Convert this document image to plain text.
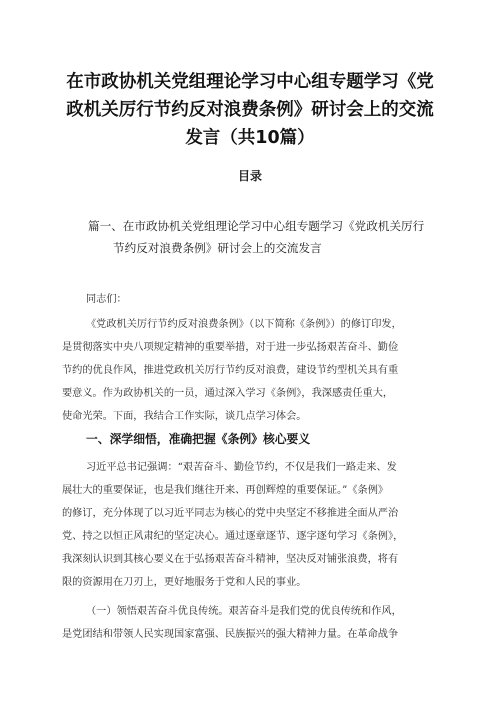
在市政协机关党组理论学习中心组专题学习《党
政机关厉行节约反对浪费条例》研讨会上的交流
发言（共10篇）
目录
篇一、在市政协机关党组理论学习中心组专题学习《党政机关厉行
节约反对浪费条例》研讨会上的交流发言
同志们：
《党政机关厉行节约反对浪费条例》（以下简称《条例》）的修订印发，
是贯彻落实中央八项规定精神的重要举措，对于进一步弘扬艰苦奋斗、勤俭
节约的优良作风，推进党政机关厉行节约反对浪费，建设节约型机关具有重
要意义。作为政协机关的一员，通过深入学习《条例》，我深感责任重大，
使命光荣。下面，我结合工作实际，谈几点学习体会。
一、深学细悟，准确把握《条例》核心要义
习近平总书记强调：“艰苦奋斗、勤俭节约，不仅是我们一路走来、发
展壮大的重要保证，也是我们继往开来、再创辉煌的重要保证。”《条例》
的修订，充分体现了以习近平同志为核心的党中央坚定不移推进全面从严治
党、持之以恒正风肃纪的坚定决心。通过逐章逐节、逐字逐句学习《条例》，
我深刻认识到其核心要义在于弘扬艰苦奋斗精神，坚决反对铺张浪费，将有
限的资源用在刀刃上，更好地服务于党和人民的事业。
（一）领悟艰苦奋斗优良传统。艰苦奋斗是我们党的优良传统和作风，
是党团结和带领人民实现国家富强、民族振兴的强大精神力量。在革命战争
